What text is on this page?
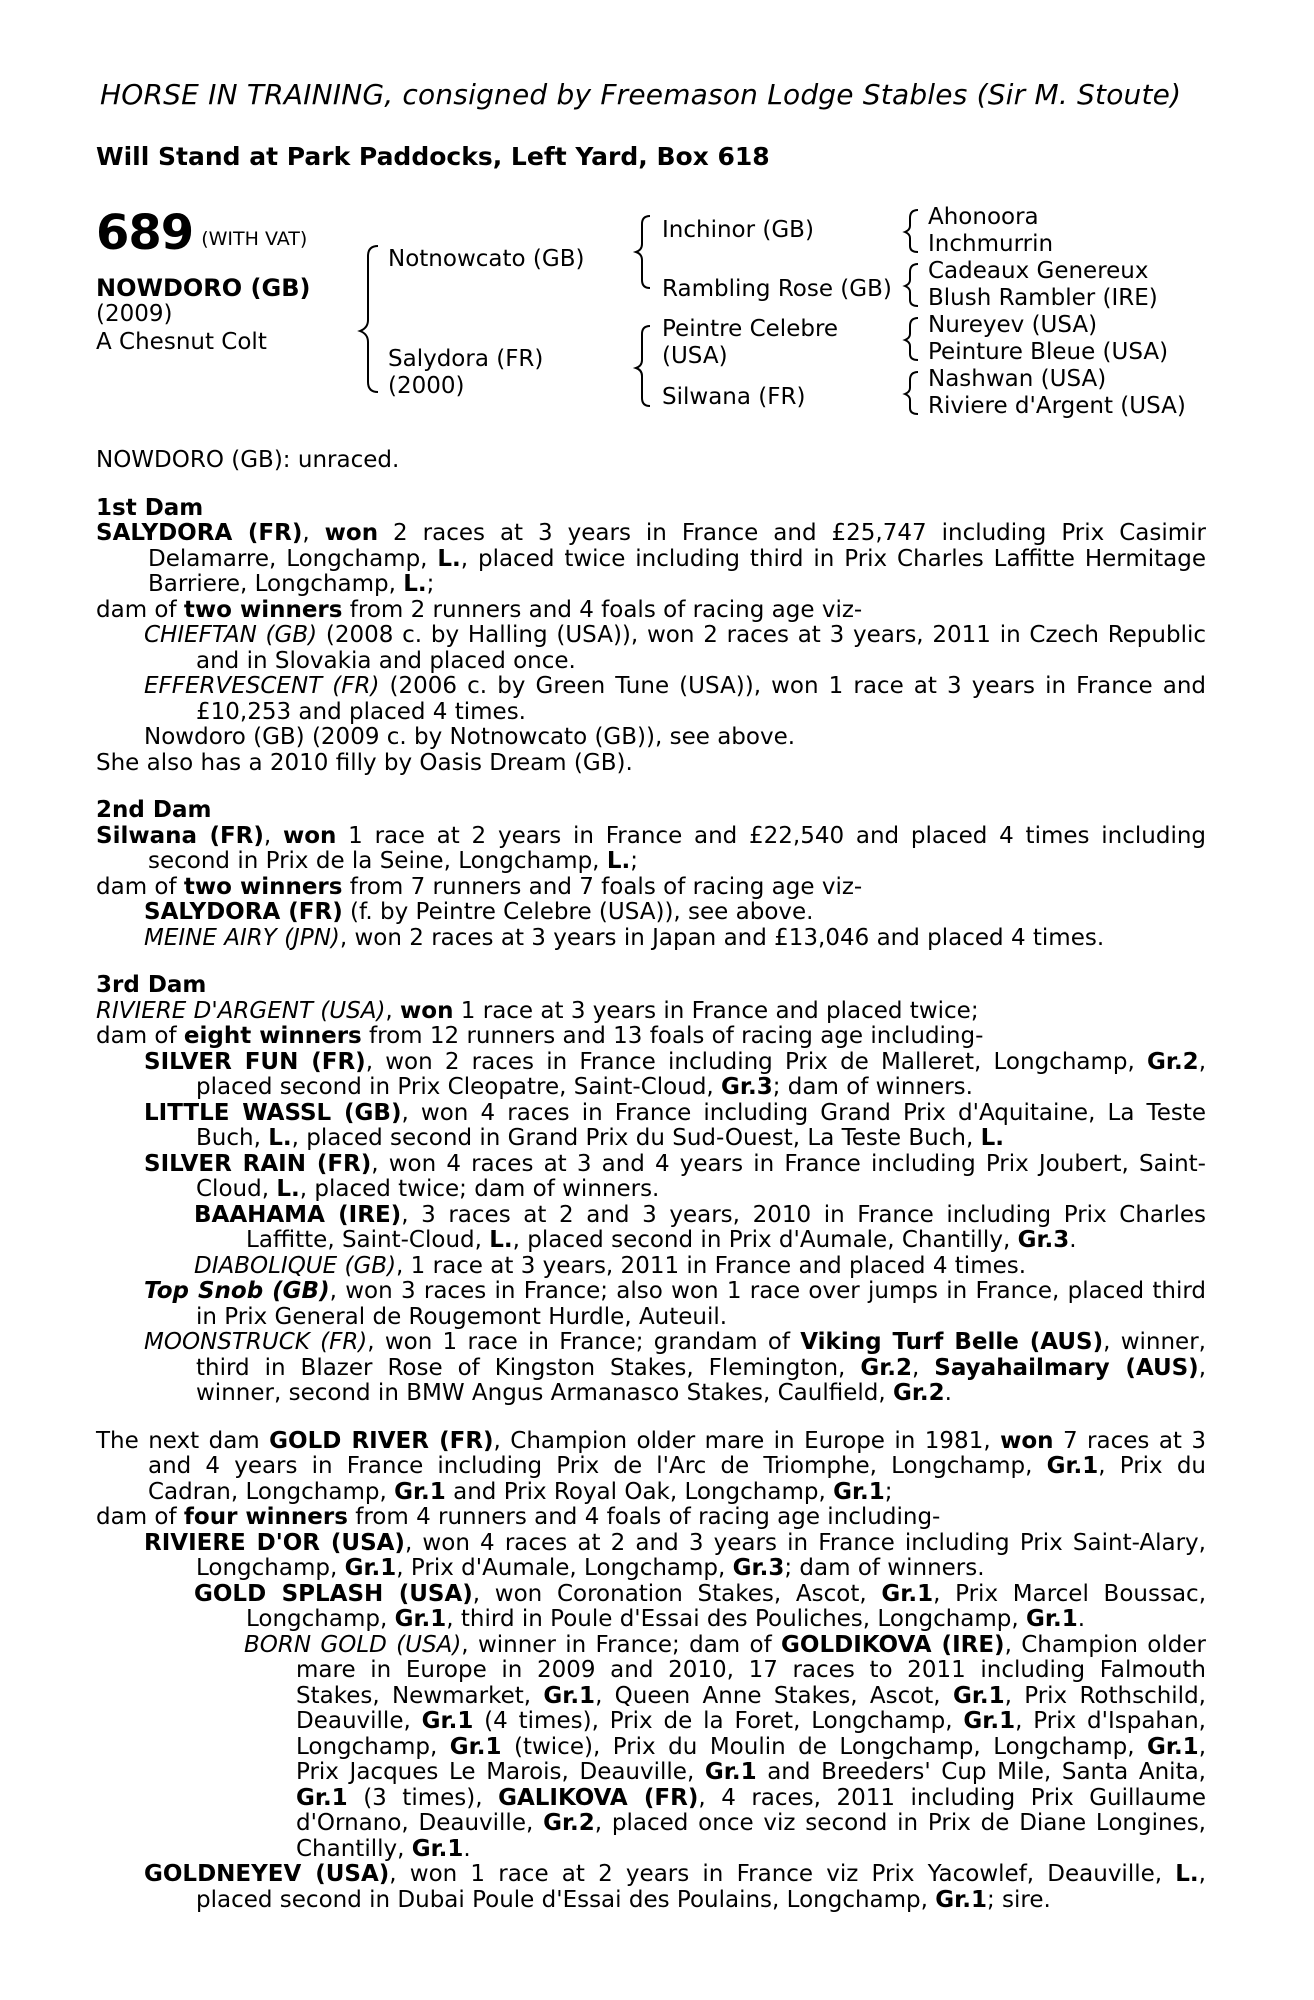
HORSE IN TRAINING, consigned by Freemason Lodge Stables (Sir M. Stoute)
Will Stand at Park Paddocks, Left Yard, Box 618
689 (WITH VAT)
NOWDORO (GB)
(2009)
A Chesnut Colt
Notnowcato (GB)
Salydora (FR)
(2000)
Inchinor (GB)
Rambling Rose (GB)
Peintre Celebre
(USA)
Silwana (FR)
Ahonoora
Inchmurrin
Cadeaux Genereux
Blush Rambler (IRE)
Nureyev (USA)
Peinture Bleue (USA)
Nashwan (USA)
Riviere d'Argent (USA)

NOWDORO (GB): unraced.

1st Dam

SALYDORA (FR), won 2 races at 3 years in France and £25,747 including Prix Casimir Delamarre, Longchamp, L., placed twice including third in Prix Charles Laffitte Hermitage Barriere, Longchamp, L.;

dam of two winners from 2 runners and 4 foals of racing age viz-

CHIEFTAN (GB) (2008 c. by Halling (USA)), won 2 races at 3 years, 2011 in Czech Republic and in Slovakia and placed once.

EFFERVESCENT (FR) (2006 c. by Green Tune (USA)), won 1 race at 3 years in France and £10,253 and placed 4 times.

Nowdoro (GB) (2009 c. by Notnowcato (GB)), see above.

She also has a 2010 filly by Oasis Dream (GB).

2nd Dam

Silwana (FR), won 1 race at 2 years in France and £22,540 and placed 4 times including second in Prix de la Seine, Longchamp, L.;

dam of two winners from 7 runners and 7 foals of racing age viz-

SALYDORA (FR) (f. by Peintre Celebre (USA)), see above.

MEINE AIRY (JPN), won 2 races at 3 years in Japan and £13,046 and placed 4 times.

3rd Dam

RIVIERE D'ARGENT (USA), won 1 race at 3 years in France and placed twice;

dam of eight winners from 12 runners and 13 foals of racing age including-

SILVER FUN (FR), won 2 races in France including Prix de Malleret, Longchamp, Gr.2, placed second in Prix Cleopatre, Saint-Cloud, Gr.3; dam of winners.

LITTLE WASSL (GB), won 4 races in France including Grand Prix d'Aquitaine, La Teste Buch, L., placed second in Grand Prix du Sud-Ouest, La Teste Buch, L.

SILVER RAIN (FR), won 4 races at 3 and 4 years in France including Prix Joubert, Saint-Cloud, L., placed twice; dam of winners.

BAAHAMA (IRE), 3 races at 2 and 3 years, 2010 in France including Prix Charles Laffitte, Saint-Cloud, L., placed second in Prix d'Aumale, Chantilly, Gr.3.

DIABOLIQUE (GB), 1 race at 3 years, 2011 in France and placed 4 times.

Top Snob (GB), won 3 races in France; also won 1 race over jumps in France, placed third in Prix General de Rougemont Hurdle, Auteuil.

MOONSTRUCK (FR), won 1 race in France; grandam of Viking Turf Belle (AUS), winner, third in Blazer Rose of Kingston Stakes, Flemington, Gr.2, Sayahailmary (AUS), winner, second in BMW Angus Armanasco Stakes, Caulfield, Gr.2.

The next dam GOLD RIVER (FR), Champion older mare in Europe in 1981, won 7 races at 3 and 4 years in France including Prix de l'Arc de Triomphe, Longchamp, Gr.1, Prix du Cadran, Longchamp, Gr.1 and Prix Royal Oak, Longchamp, Gr.1;

dam of four winners from 4 runners and 4 foals of racing age including-

RIVIERE D'OR (USA), won 4 races at 2 and 3 years in France including Prix Saint-Alary, Longchamp, Gr.1, Prix d'Aumale, Longchamp, Gr.3; dam of winners.

GOLD SPLASH (USA), won Coronation Stakes, Ascot, Gr.1, Prix Marcel Boussac, Longchamp, Gr.1, third in Poule d'Essai des Pouliches, Longchamp, Gr.1.

BORN GOLD (USA), winner in France; dam of GOLDIKOVA (IRE), Champion older mare in Europe in 2009 and 2010, 17 races to 2011 including Falmouth Stakes, Newmarket, Gr.1, Queen Anne Stakes, Ascot, Gr.1, Prix Rothschild, Deauville, Gr.1 (4 times), Prix de la Foret, Longchamp, Gr.1, Prix d'Ispahan, Longchamp, Gr.1 (twice), Prix du Moulin de Longchamp, Longchamp, Gr.1, Prix Jacques Le Marois, Deauville, Gr.1 and Breeders' Cup Mile, Santa Anita, Gr.1 (3 times), GALIKOVA (FR), 4 races, 2011 including Prix Guillaume d'Ornano, Deauville, Gr.2, placed once viz second in Prix de Diane Longines, Chantilly, Gr.1.

GOLDNEYEV (USA), won 1 race at 2 years in France viz Prix Yacowlef, Deauville, L., placed second in Dubai Poule d'Essai des Poulains, Longchamp, Gr.1; sire.
